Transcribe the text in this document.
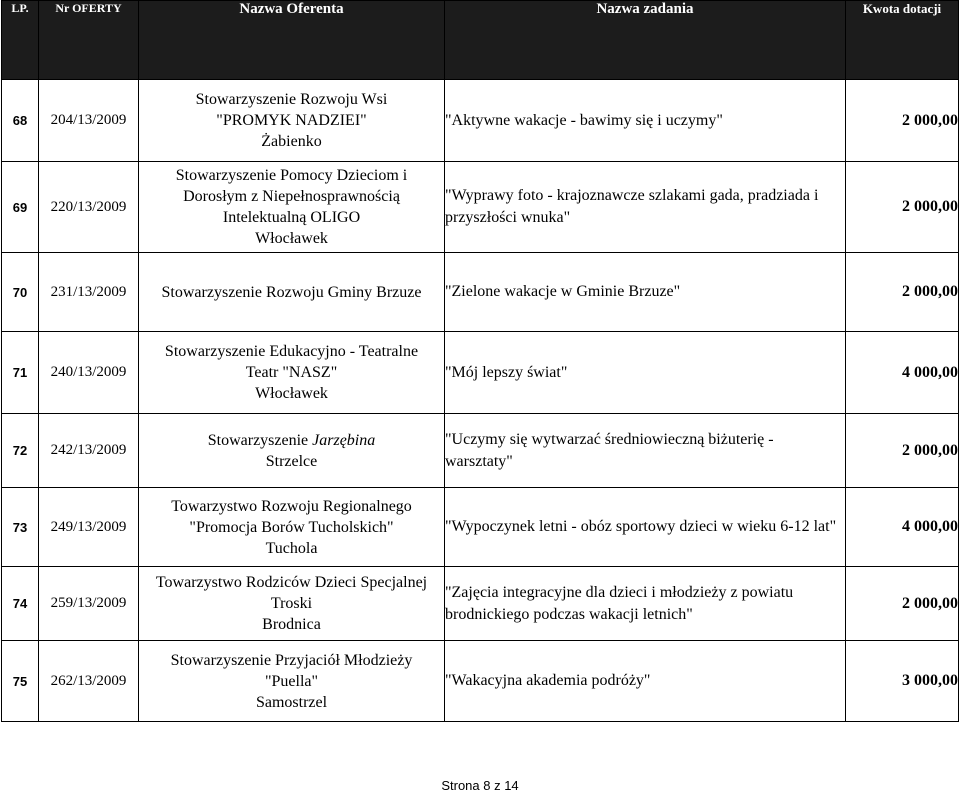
LP.	Nr OFERTY	Nazwa Oferenta	Nazwa zadania	Kwota dotacji
68	204/13/2009	Stowarzyszenie Rozwoju Wsi
"PROMYK NADZIEI"
Żabienko	"Aktywne wakacje - bawimy się i uczymy"	2 000,00
69	220/13/2009	Stowarzyszenie Pomocy Dzieciom i
Dorosłym z Niepełnosprawnością
Intelektualną OLIGO
Włocławek	"Wyprawy foto - krajoznawcze szlakami gada, pradziada i przyszłości wnuka"	2 000,00
70	231/13/2009	Stowarzyszenie Rozwoju Gminy Brzuze	"Zielone wakacje w Gminie Brzuze"	2 000,00
71	240/13/2009	Stowarzyszenie Edukacyjno - Teatralne
Teatr "NASZ"
Włocławek	"Mój lepszy świat"	4 000,00
72	242/13/2009	Stowarzyszenie Jarzębina
Strzelce	"Uczymy się wytwarzać średniowieczną biżuterię - warsztaty"	2 000,00
73	249/13/2009	Towarzystwo Rozwoju Regionalnego
"Promocja Borów Tucholskich"
Tuchola	"Wypoczynek letni - obóz sportowy dzieci w wieku 6-12 lat"	4 000,00
74	259/13/2009	Towarzystwo Rodziców Dzieci Specjalnej
Troski
Brodnica	"Zajęcia integracyjne dla dzieci i młodzieży z powiatu brodnickiego podczas wakacji letnich"	2 000,00
75	262/13/2009	Stowarzyszenie Przyjaciół Młodzieży
"Puella"
Samostrzel	"Wakacyjna akademia podróży"	3 000,00
Strona 8 z 14
